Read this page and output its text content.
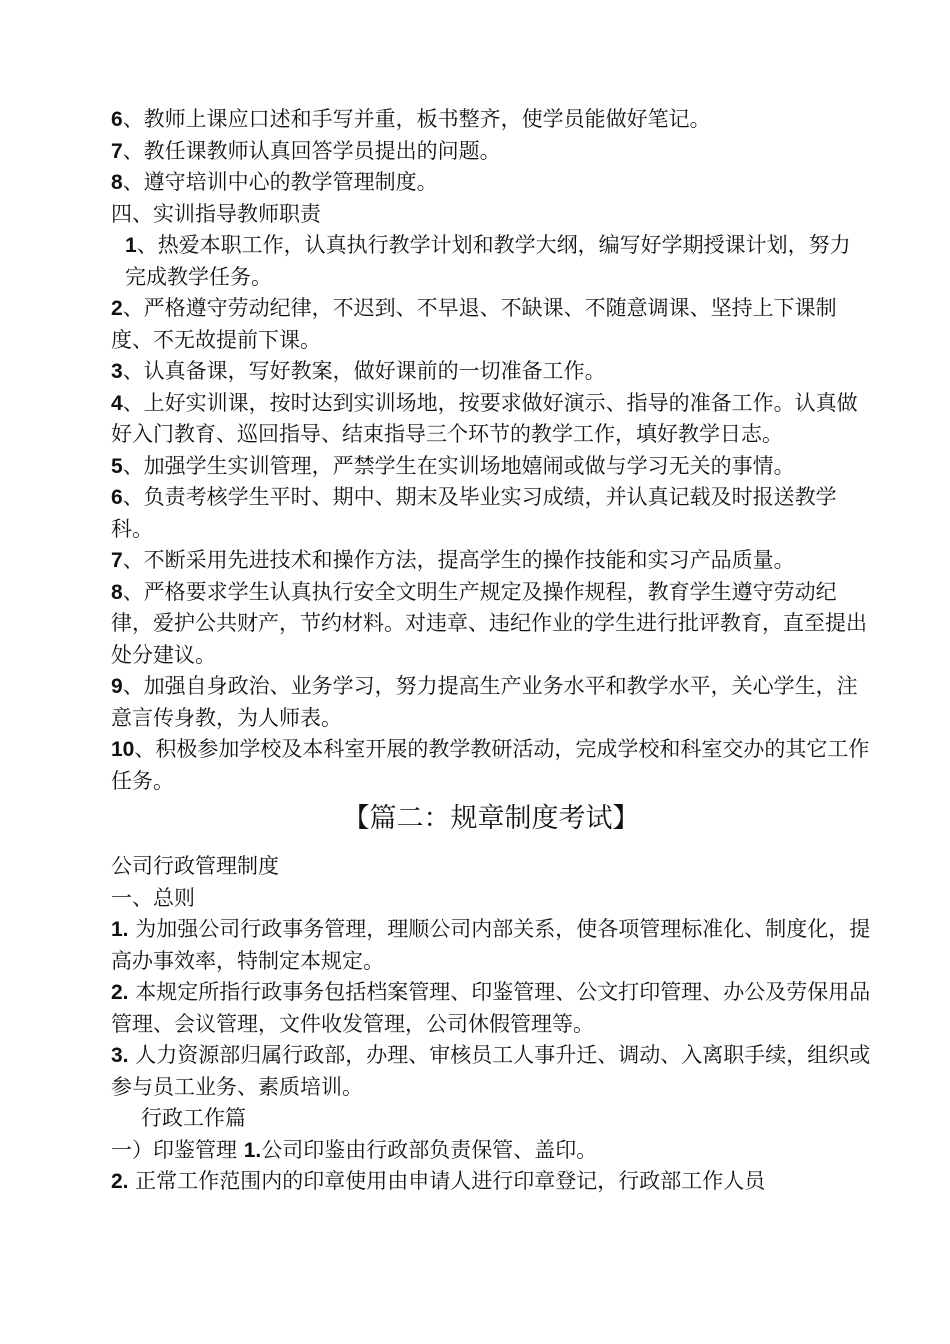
6、教师上课应口述和手写并重，板书整齐，使学员能做好笔记。

7、教任课教师认真回答学员提出的问题。

8、遵守培训中心的教学管理制度。

四、实训指导教师职责

1、热爱本职工作，认真执行教学计划和教学大纲，编写好学期授课计划，努力完成教学任务。

2、严格遵守劳动纪律，不迟到、不早退、不缺课、不随意调课、坚持上下课制度、不无故提前下课。

3、认真备课，写好教案，做好课前的一切准备工作。

4、上好实训课，按时达到实训场地，按要求做好演示、指导的准备工作。认真做好入门教育、巡回指导、结束指导三个环节的教学工作，填好教学日志。

5、加强学生实训管理，严禁学生在实训场地嬉闹或做与学习无关的事情。

6、负责考核学生平时、期中、期末及毕业实习成绩，并认真记载及时报送教学科。

7、不断采用先进技术和操作方法，提高学生的操作技能和实习产品质量。

8、严格要求学生认真执行安全文明生产规定及操作规程，教育学生遵守劳动纪律，爱护公共财产，节约材料。对违章、违纪作业的学生进行批评教育，直至提出处分建议。

9、加强自身政治、业务学习，努力提高生产业务水平和教学水平，关心学生，注意言传身教，为人师表。

10、积极参加学校及本科室开展的教学教研活动，完成学校和科室交办的其它工作任务。

【篇二：规章制度考试】

公司行政管理制度

一、总则

1. 为加强公司行政事务管理，理顺公司内部关系，使各项管理标准化、制度化，提高办事效率，特制定本规定。

2. 本规定所指行政事务包括档案管理、印鉴管理、公文打印管理、办公及劳保用品管理、会议管理，文件收发管理，公司休假管理等。

3. 人力资源部归属行政部，办理、审核员工人事升迁、调动、入离职手续，组织或参与员工业务、素质培训。

行政工作篇

一）印鉴管理 1.公司印鉴由行政部负责保管、盖印。

2. 正常工作范围内的印章使用由申请人进行印章登记，行政部工作人员
